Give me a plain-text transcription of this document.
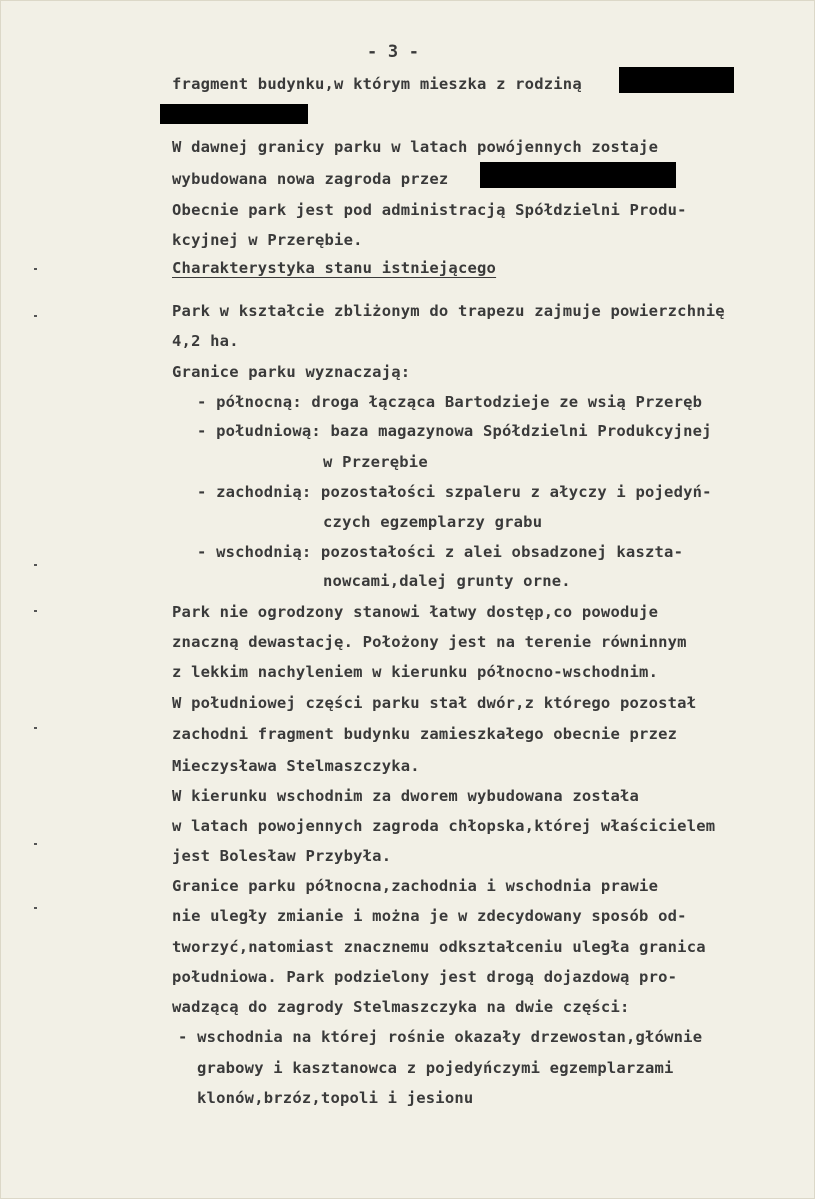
- 3 -
fragment budynku,w którym mieszka z rodziną
W dawnej granicy parku w latach powójennych zostaje
wybudowana nowa zagroda przez
Obecnie park jest pod administracją Spółdzielni Produ-
kcyjnej w Przerębie.
Charakterystyka stanu istniejącego
Park w kształcie zbliżonym do trapezu zajmuje powierzchnię
4,2 ha.
Granice parku wyznaczają:
- północną: droga łącząca Bartodzieje ze wsią Przeręb
- południową: baza magazynowa Spółdzielni Produkcyjnej
w Przerębie
- zachodnią: pozostałości szpaleru z ałyczy i pojedyń-
czych egzemplarzy grabu
- wschodnią: pozostałości z alei obsadzonej kaszta-
nowcami,dalej grunty orne.
Park nie ogrodzony stanowi łatwy dostęp,co powoduje
znaczną dewastację. Położony jest na terenie równinnym
z lekkim nachyleniem w kierunku północno-wschodnim.
W południowej części parku stał dwór,z którego pozostał
zachodni fragment budynku zamieszkałego obecnie przez
Mieczysława Stelmaszczyka.
W kierunku wschodnim za dworem wybudowana została
w latach powojennych zagroda chłopska,której właścicielem
jest Bolesław Przybyła.
Granice parku północna,zachodnia i wschodnia prawie
nie uległy zmianie i można je w zdecydowany sposób od-
tworzyć,natomiast znacznemu odkształceniu uległa granica
południowa. Park podzielony jest drogą dojazdową pro-
wadzącą do zagrody Stelmaszczyka na dwie części:
- wschodnia na której rośnie okazały drzewostan,głównie
grabowy i kasztanowca z pojedyńczymi egzemplarzami
klonów,brzóz,topoli i jesionu
